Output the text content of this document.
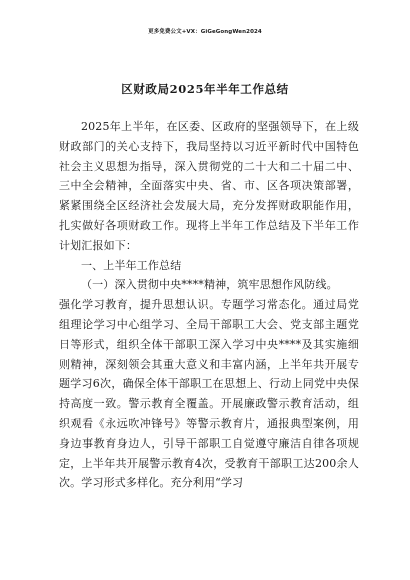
更多免费公文+VX：GiGeGongWen2024
区财政局2025年半年工作总结

2025年上半年，在区委、区政府的坚强领导下，在上级财政部门的关心支持下，我局坚持以习近平新时代中国特色社会主义思想为指导，深入贯彻党的二十大和二十届二中、三中全会精神，全面落实中央、省、市、区各项决策部署，紧紧围绕全区经济社会发展大局，充分发挥财政职能作用，扎实做好各项财政工作。现将上半年工作总结及下半年工作计划汇报如下：

一、上半年工作总结

（一）深入贯彻中央****精神，筑牢思想作风防线。

强化学习教育，提升思想认识。专题学习常态化。通过局党组理论学习中心组学习、全局干部职工大会、党支部主题党日等形式，组织全体干部职工深入学习中央****及其实施细则精神，深刻领会其重大意义和丰富内涵，上半年共开展专题学习6次，确保全体干部职工在思想上、行动上同党中央保持高度一致。警示教育全覆盖。开展廉政警示教育活动，组织观看《永远吹冲锋号》等警示教育片，通报典型案例，用身边事教育身边人，引导干部职工自觉遵守廉洁自律各项规定，上半年共开展警示教育4次，受教育干部职工达200余人次。学习形式多样化。充分利用“学习
